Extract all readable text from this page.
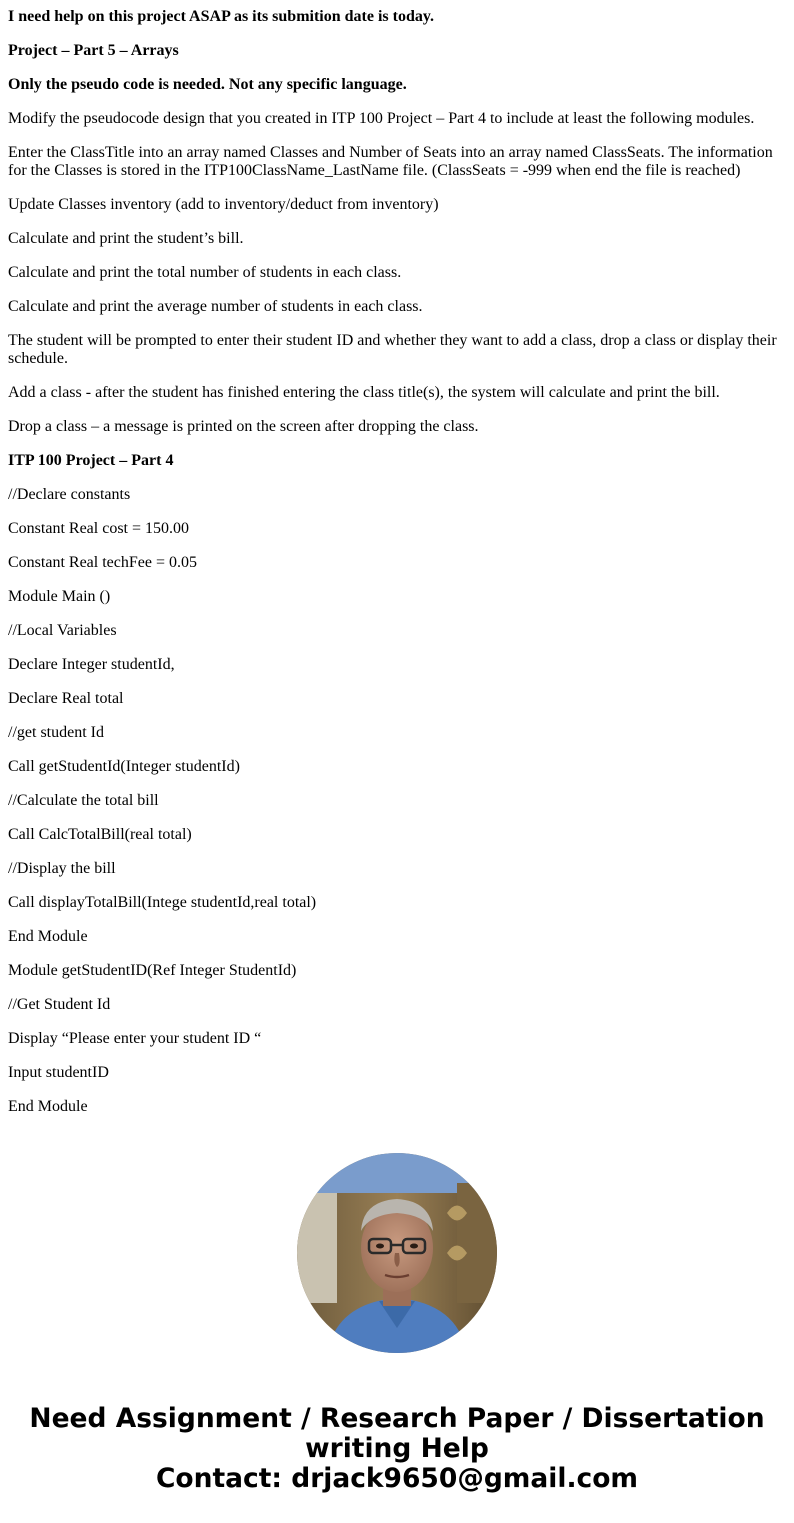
I need help on this project ASAP as its submition date is today.

Project – Part 5 – Arrays

Only the pseudo code is needed. Not any specific language.

Modify the pseudocode design that you created in ITP 100 Project – Part 4 to include at least the following modules.

Enter the ClassTitle into an array named Classes and Number of Seats into an array named ClassSeats. The information for the Classes is stored in the ITP100ClassName_LastName file. (ClassSeats = -999 when end the file is reached)

Update Classes inventory (add to inventory/deduct from inventory)

Calculate and print the student’s bill.

Calculate and print the total number of students in each class.

Calculate and print the average number of students in each class.

The student will be prompted to enter their student ID and whether they want to add a class, drop a class or display their schedule.

Add a class - after the student has finished entering the class title(s), the system will calculate and print the bill.

Drop a class – a message is printed on the screen after dropping the class.

ITP 100 Project – Part 4

//Declare constants

Constant Real cost = 150.00

Constant Real techFee = 0.05

Module Main ()

//Local Variables

Declare Integer studentId,

Declare Real total

//get student Id

Call getStudentId(Integer studentId)

//Calculate the total bill

Call CalcTotalBill(real total)

//Display the bill

Call displayTotalBill(Intege studentId,real total)

End Module

Module getStudentID(Ref Integer StudentId)

//Get Student Id

Display “Please enter your student ID “

Input studentID

End Module

Need Assignment / Research Paper / Dissertation
writing Help
Contact: drjack9650@gmail.com
